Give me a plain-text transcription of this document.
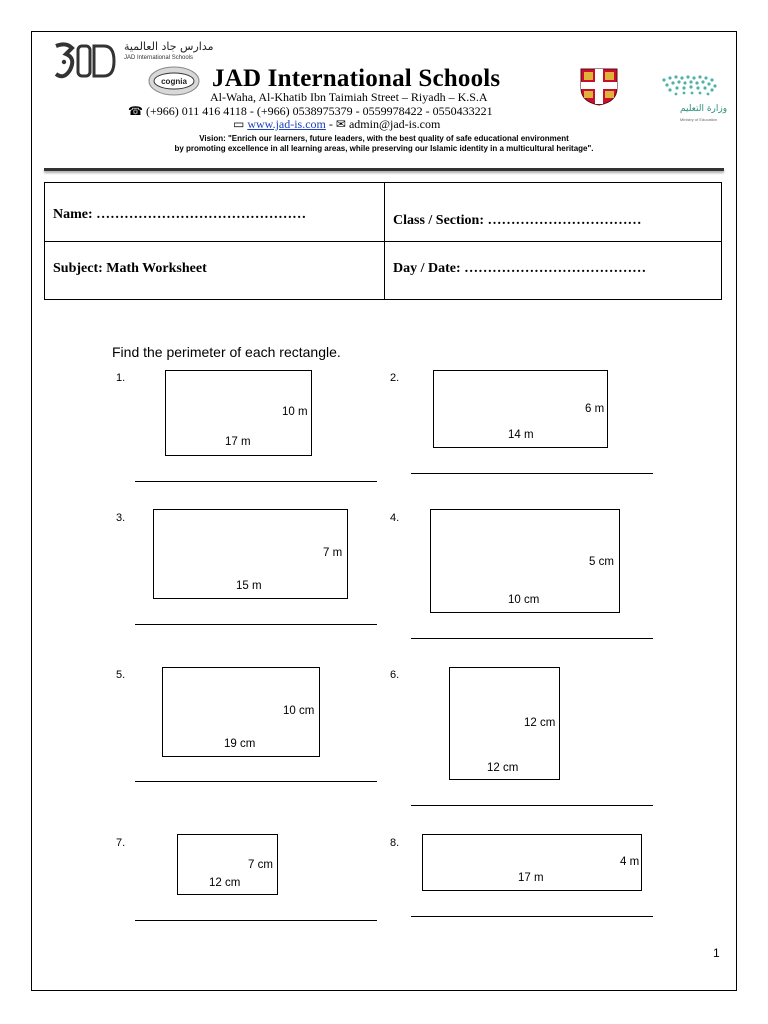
مدارس جاد العالمية
JAD International Schools
cognia JAD International Schools
وزارة التعليم
Ministry of Education
Al-Waha, Al-Khatib Ibn Taimiah Street – Riyadh – K.S.A
☎ (+966) 011 416 4118 - (+966) 0538975379 - 0559978422 - 0550433221
▭ www.jad-is.com - ✉ admin@jad-is.com
Vision: "Enrich our learners, future leaders, with the best quality of safe educational environment
by promoting excellence in all learning areas, while preserving our Islamic identity in a multicultural heritage".
Name: ………………………………………	Class / Section: ……………………………
Subject: Math Worksheet	Day / Date: …………………………………
Find the perimeter of each rectangle.
1.
17 m
10 m
2.
14 m
6 m
3.
15 m
7 m
4.
10 cm
5 cm
5.
19 cm
10 cm
6.
12 cm
12 cm
7.
12 cm
7 cm
8.
17 m
4 m
1
